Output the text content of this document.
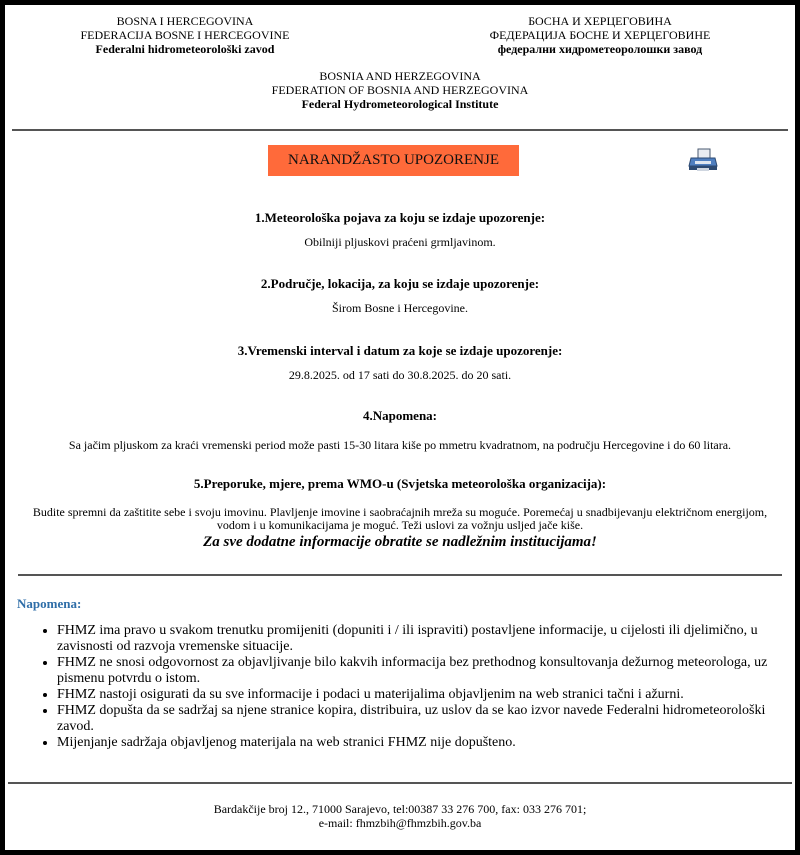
BOSNA I HERCEGOVINA
FEDERACIJA BOSNE I HERCEGOVINE
Federalni hidrometeorološki zavod
БОСНА И ХЕРЦЕГОВИНА
ФЕДЕРАЦИЈА БОСНЕ И ХЕРЦЕГОВИНЕ
федерални хидрометеоролошки завод
BOSNIA AND HERZEGOVINA
FEDERATION OF BOSNIA AND HERZEGOVINA
Federal Hydrometeorological Institute
NARANDŽASTO UPOZORENJE
1.Meteorološka pojava za koju se izdaje upozorenje:
Obilniji pljuskovi praćeni grmljavinom.
2.Područje, lokacija, za koju se izdaje upozorenje:
Širom Bosne i Hercegovine.
3.Vremenski interval i datum za koje se izdaje upozorenje:
29.8.2025. od 17 sati do 30.8.2025. do 20 sati.
4.Napomena:
Sa jačim pljuskom za kraći vremenski period može pasti 15-30 litara kiše po mmetru kvadratnom, na području Hercegovine i do 60 litara.
5.Preporuke, mjere, prema WMO-u (Svjetska meteorološka organizacija):
Budite spremni da zaštitite sebe i svoju imovinu. Plavljenje imovine i saobraćajnih mreža su moguće. Poremećaj u snadbijevanju električnom energijom, vodom i u komunikacijama je moguć. Teži uslovi za vožnju usljed jače kiše.
Za sve dodatne informacije obratite se nadležnim institucijama!
Napomena:
• FHMZ ima pravo u svakom trenutku promijeniti (dopuniti i / ili ispraviti) postavljene informacije, u cijelosti ili djelimično, u zavisnosti od razvoja vremenske situacije.
• FHMZ ne snosi odgovornost za objavljivanje bilo kakvih informacija bez prethodnog konsultovanja dežurnog meteorologa, uz pismenu potvrdu o istom.
• FHMZ nastoji osigurati da su sve informacije i podaci u materijalima objavljenim na web stranici tačni i ažurni.
• FHMZ dopušta da se sadržaj sa njene stranice kopira, distribuira, uz uslov da se kao izvor navede Federalni hidrometeorološki zavod.
• Mijenjanje sadržaja objavljenog materijala na web stranici FHMZ nije dopušteno.
Bardakčije broj 12., 71000 Sarajevo, tel:00387 33 276 700, fax: 033 276 701;
e-mail: fhmzbih@fhmzbih.gov.ba
